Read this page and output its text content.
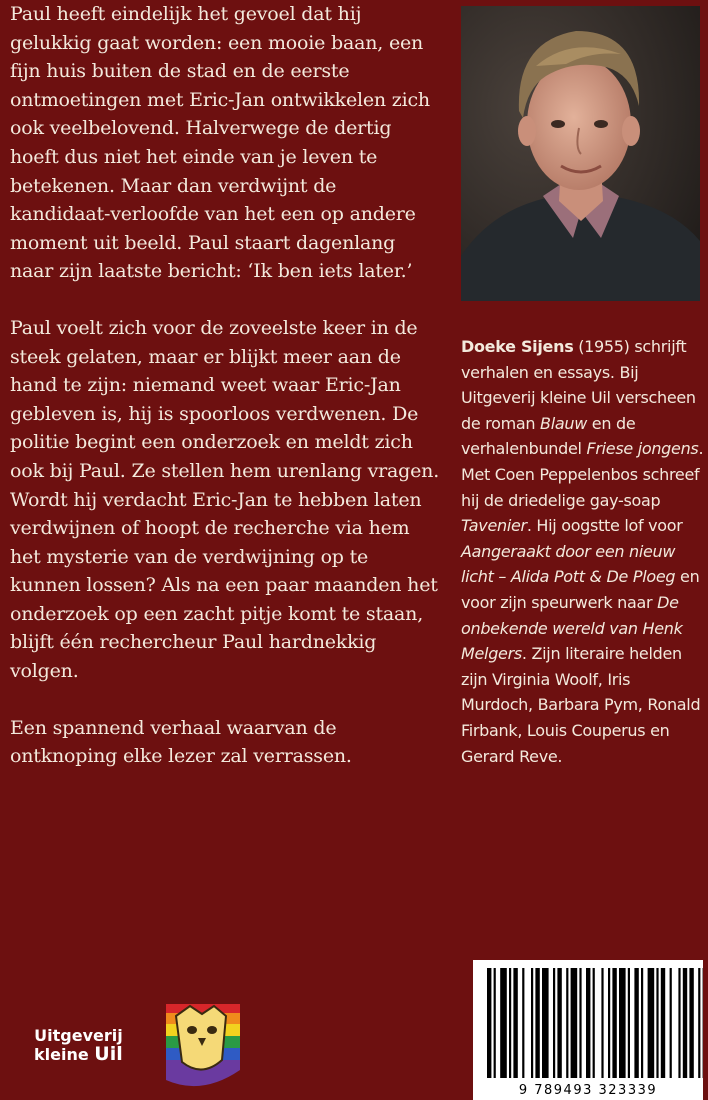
Paul heeft eindelijk het gevoel dat hij gelukkig gaat worden: een mooie baan, een fijn huis buiten de stad en de eerste ontmoetingen met Eric-Jan ontwikkelen zich ook veelbelovend. Halverwege de dertig hoeft dus niet het einde van je leven te betekenen. Maar dan verdwijnt de kandidaat-verloofde van het een op andere moment uit beeld. Paul staart dagenlang naar zijn laatste bericht: ‘Ik ben iets later.’

Paul voelt zich voor de zoveelste keer in de steek gelaten, maar er blijkt meer aan de hand te zijn: niemand weet waar Eric-Jan gebleven is, hij is spoorloos verdwenen. De politie begint een onderzoek en meldt zich ook bij Paul. Ze stellen hem urenlang vragen. Wordt hij verdacht Eric-Jan te hebben laten verdwijnen of hoopt de recherche via hem het mysterie van de verdwijning op te kunnen lossen? Als na een paar maanden het onderzoek op een zacht pitje komt te staan, blijft één rechercheur Paul hardnekkig volgen.

Een spannend verhaal waarvan de ontknoping elke lezer zal verrassen.

Doeke Sijens (1955) schrijft verhalen en essays. Bij Uitgeverij kleine Uil verscheen de roman Blauw en de verhalenbundel Friese jongens. Met Coen Peppelenbos schreef hij de driedelige gay-soap Tavenier. Hij oogstte lof voor Aangeraakt door een nieuw licht – Alida Pott & De Ploeg en voor zijn speurwerk naar De onbekende wereld van Henk Melgers. Zijn literaire helden zijn Virginia Woolf, Iris Murdoch, Barbara Pym, Ronald Firbank, Louis Couperus en Gerard Reve.
Uitgeverij
kleine Uil
9 789493 323339
